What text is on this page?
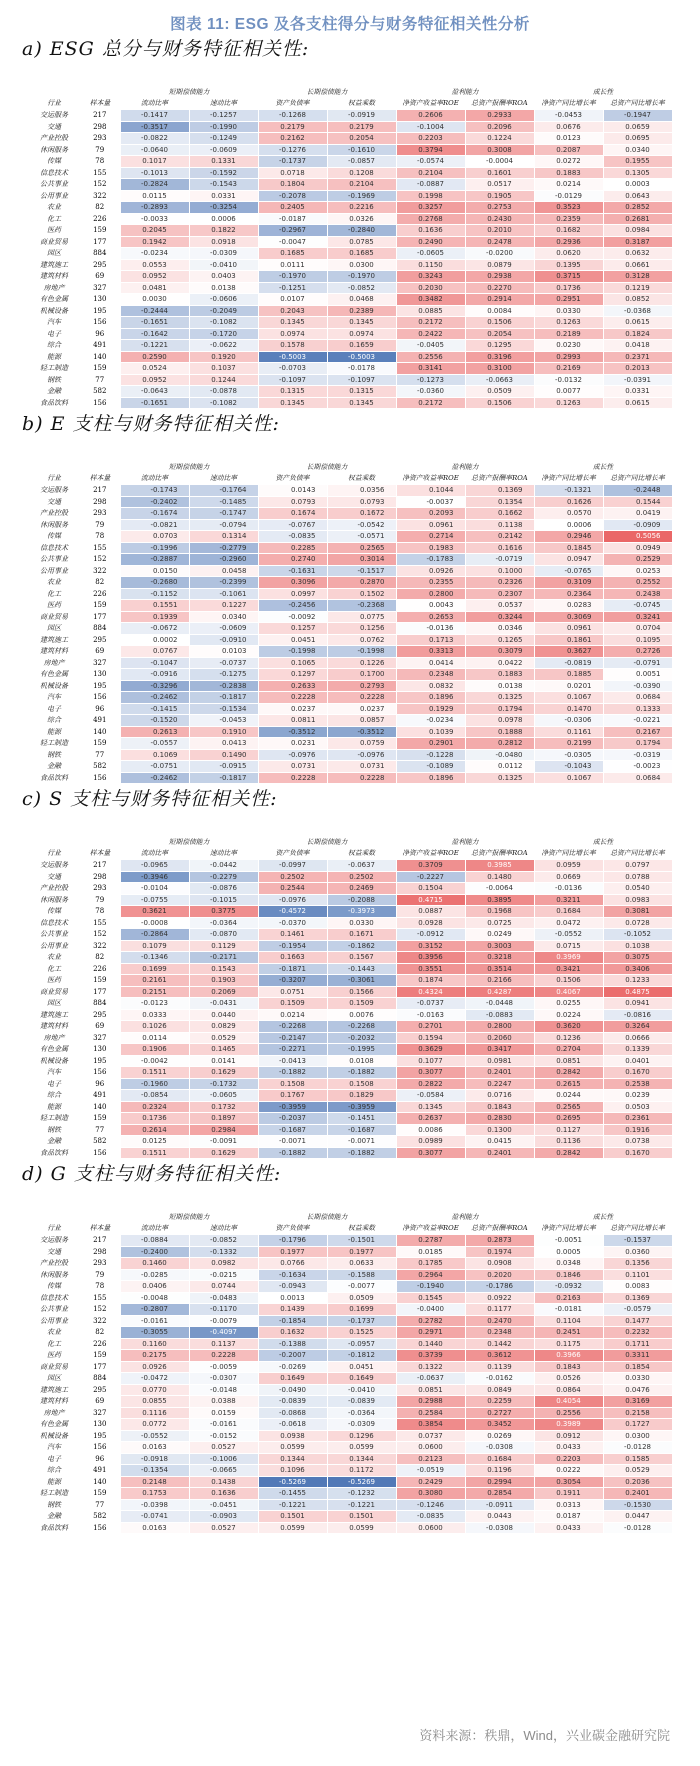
图表 11: ESG 及各支柱得分与财务特征相关性分析
a) ESG 总分与财务特征相关性:
		短期偿债能力		长期偿债能力		盈利能力		成长性	
行业	样本量	流动比率	速动比率	资产负债率	权益乘数	净资产收益率ROE	总资产报酬率ROA	净资产同比增长率	总资产同比增长率
交运服务	217	-0.1417	-0.1257	-0.1268	-0.0919	0.2606	0.2933	-0.0453	-0.1947
交通	298	-0.3517	-0.1990	0.2179	0.2179	-0.1004	0.2096	0.0676	0.0659
产业控股	293	-0.0822	-0.1249	0.2162	0.2054	0.2203	0.1224	0.0123	0.0695
休闲服务	79	-0.0640	-0.0609	-0.1276	-0.1610	0.3794	0.3008	0.2087	0.0340
传媒	78	0.1017	0.1331	-0.1737	-0.0857	-0.0574	-0.0004	0.0272	0.1955
信息技术	155	-0.1013	-0.1592	0.0718	0.1208	0.2104	0.1601	0.1883	0.1305
公共事业	152	-0.2824	-0.1543	0.1804	0.2104	-0.0887	0.0517	0.0214	0.0003
公用事业	322	0.0115	0.0331	-0.2078	-0.1969	0.1998	0.1905	-0.0129	0.0643
农业	82	-0.2893	-0.3254	0.2405	0.2216	0.3257	0.2753	0.3523	0.2852
化工	226	-0.0033	0.0006	-0.0187	0.0326	0.2768	0.2430	0.2359	0.2681
医药	159	0.2045	0.1822	-0.2967	-0.2840	0.1636	0.2010	0.1682	0.0984
商业贸易	177	0.1942	0.0918	-0.0047	0.0785	0.2490	0.2478	0.2936	0.3187
园区	884	-0.0234	-0.0309	0.1685	0.1685	-0.0605	-0.0200	0.0620	0.0632
建筑施工	295	0.0553	-0.0410	0.0111	0.0300	0.1150	0.0879	0.1395	0.0661
建筑材料	69	0.0952	0.0403	-0.1970	-0.1970	0.3243	0.2938	0.3715	0.3128
房地产	327	0.0481	0.0138	-0.1251	-0.0852	0.2030	0.2270	0.1736	0.1219
有色金属	130	0.0030	-0.0606	0.0107	0.0468	0.3482	0.2914	0.2951	0.0852
机械设备	195	-0.2444	-0.2049	0.2043	0.2389	0.0885	0.0084	0.0330	-0.0368
汽车	156	-0.1651	-0.1082	0.1345	0.1345	0.2172	0.1506	0.1263	0.0615
电子	96	-0.1642	-0.1720	0.0974	0.0974	0.2422	0.2054	0.2189	0.1824
综合	491	-0.1221	-0.0622	0.1578	0.1659	-0.0405	0.1295	0.0230	0.0418
能源	140	0.2590	0.1920	-0.5003	-0.5003	0.2556	0.3196	0.2993	0.2371
轻工制造	159	0.0524	0.1037	-0.0703	-0.0178	0.3141	0.3100	0.2169	0.2013
钢铁	77	0.0952	0.1244	-0.1097	-0.1097	-0.1273	-0.0663	-0.0132	-0.0391
金融	582	-0.0643	-0.0878	0.1315	0.1315	-0.0360	0.0509	0.0077	0.0331
食品饮料	156	-0.1651	-0.1082	0.1345	0.1345	0.2172	0.1506	0.1263	0.0615
b) E 支柱与财务特征相关性:
		短期偿债能力		长期偿债能力		盈利能力		成长性	
行业	样本量	流动比率	速动比率	资产负债率	权益乘数	净资产收益率ROE	总资产报酬率ROA	净资产同比增长率	总资产同比增长率
交运服务	217	-0.1743	-0.1764	0.0143	0.0356	0.1044	0.1369	-0.1321	-0.2448
交通	298	-0.2402	-0.1485	0.0793	0.0793	-0.0037	0.1354	0.1626	0.1544
产业控股	293	-0.1674	-0.1747	0.1674	0.1672	0.2093	0.1662	0.0570	0.0419
休闲服务	79	-0.0821	-0.0794	-0.0767	-0.0542	0.0961	0.1138	0.0006	-0.0909
传媒	78	0.0703	0.1314	-0.0835	-0.0571	0.2714	0.2142	0.2946	0.5056
信息技术	155	-0.1996	-0.2779	0.2285	0.2565	0.1983	0.1616	0.1845	0.0949
公共事业	152	-0.2887	-0.2960	0.2740	0.3014	-0.1783	-0.0719	0.0947	0.2529
公用事业	322	0.0150	0.0458	-0.1631	-0.1517	0.0926	0.1000	-0.0765	0.0253
农业	82	-0.2680	-0.2399	0.3096	0.2870	0.2355	0.2326	0.3109	0.2552
化工	226	-0.1152	-0.1061	0.0997	0.1502	0.2800	0.2307	0.2364	0.2438
医药	159	0.1551	0.1227	-0.2456	-0.2368	0.0043	0.0537	0.0283	-0.0745
商业贸易	177	0.1939	0.0340	-0.0092	0.0775	0.2653	0.3244	0.3069	0.3241
园区	884	-0.0672	-0.0609	0.1257	0.1256	-0.0136	0.0346	0.0961	0.0704
建筑施工	295	0.0002	-0.0910	0.0451	0.0762	0.1713	0.1265	0.1861	0.1095
建筑材料	69	0.0767	0.0103	-0.1998	-0.1998	0.3313	0.3079	0.3627	0.2726
房地产	327	-0.1047	-0.0737	0.1065	0.1226	0.0414	0.0422	-0.0819	-0.0791
有色金属	130	-0.0916	-0.1275	0.1297	0.1700	0.2348	0.1883	0.1885	0.0051
机械设备	195	-0.3296	-0.2838	0.2633	0.2793	0.0832	0.0138	0.0201	-0.0390
汽车	156	-0.2462	-0.1817	0.2228	0.2228	0.1896	0.1325	0.1067	0.0684
电子	96	-0.1415	-0.1534	0.0237	0.0237	0.1929	0.1794	0.1470	0.1333
综合	491	-0.1520	-0.0453	0.0811	0.0857	-0.0234	0.0978	-0.0306	-0.0221
能源	140	0.2613	0.1910	-0.3512	-0.3512	0.1039	0.1888	0.1161	0.2167
轻工制造	159	-0.0557	0.0413	0.0231	0.0759	0.2901	0.2812	0.2199	0.1794
钢铁	77	0.1069	0.1490	-0.0976	-0.0976	-0.1228	-0.0480	-0.0305	-0.0319
金融	582	-0.0751	-0.0915	0.0731	0.0731	-0.1089	0.0112	-0.1043	-0.0023
食品饮料	156	-0.2462	-0.1817	0.2228	0.2228	0.1896	0.1325	0.1067	0.0684
c) S 支柱与财务特征相关性:
		短期偿债能力		长期偿债能力		盈利能力		成长性	
行业	样本量	流动比率	速动比率	资产负债率	权益乘数	净资产收益率ROE	总资产报酬率ROA	净资产同比增长率	总资产同比增长率
交运服务	217	-0.0965	-0.0442	-0.0997	-0.0637	0.3709	0.3985	0.0959	0.0797
交通	298	-0.3946	-0.2279	0.2502	0.2502	-0.2227	0.1480	0.0669	0.0788
产业控股	293	-0.0104	-0.0876	0.2544	0.2469	0.1504	-0.0064	-0.0136	0.0540
休闲服务	79	-0.0755	-0.1015	-0.0976	-0.2088	0.4715	0.3895	0.3211	0.0983
传媒	78	0.3621	0.3775	-0.4572	-0.3973	0.0887	0.1968	0.1684	0.3081
信息技术	155	-0.0008	-0.0364	-0.0370	0.0330	0.0928	0.0725	0.0472	0.0728
公共事业	152	-0.2864	-0.0870	0.1461	0.1671	-0.0912	0.0249	-0.0552	-0.1052
公用事业	322	0.1079	0.1129	-0.1954	-0.1862	0.3152	0.3003	0.0715	0.1038
农业	82	-0.1346	-0.2171	0.1663	0.1567	0.3956	0.3218	0.3969	0.3075
化工	226	0.1699	0.1543	-0.1871	-0.1443	0.3551	0.3514	0.3421	0.3406
医药	159	0.2161	0.1903	-0.3207	-0.3061	0.1874	0.2166	0.1506	0.1233
商业贸易	177	0.2151	0.2069	0.0751	0.1566	0.4324	0.4287	0.4067	0.4875
园区	884	-0.0123	-0.0431	0.1509	0.1509	-0.0737	-0.0448	0.0255	0.0941
建筑施工	295	0.0333	0.0440	0.0214	0.0076	-0.0163	-0.0883	0.0224	-0.0816
建筑材料	69	0.1026	0.0829	-0.2268	-0.2268	0.2701	0.2800	0.3620	0.3264
房地产	327	0.0114	0.0529	-0.2147	-0.2032	0.1594	0.2060	0.1236	0.0666
有色金属	130	0.1906	0.1465	-0.2271	-0.1995	0.3629	0.3417	0.2704	0.1339
机械设备	195	-0.0042	0.0141	-0.0413	0.0108	0.1077	0.0981	0.0851	0.0401
汽车	156	0.1511	0.1629	-0.1882	-0.1882	0.3077	0.2401	0.2842	0.1670
电子	96	-0.1960	-0.1732	0.1508	0.1508	0.2822	0.2247	0.2615	0.2538
综合	491	-0.0854	-0.0605	0.1767	0.1829	-0.0584	0.0716	0.0244	0.0239
能源	140	0.2324	0.1732	-0.3959	-0.3959	0.1345	0.1843	0.2565	0.0503
轻工制造	159	0.1736	0.1897	-0.2037	-0.1451	0.2637	0.2830	0.2695	0.2361
钢铁	77	0.2614	0.2984	-0.1687	-0.1687	0.0086	0.1300	0.1127	0.1916
金融	582	0.0125	-0.0091	-0.0071	-0.0071	0.0989	0.0415	0.1136	0.0738
食品饮料	156	0.1511	0.1629	-0.1882	-0.1882	0.3077	0.2401	0.2842	0.1670
d) G 支柱与财务特征相关性:
		短期偿债能力		长期偿债能力		盈利能力		成长性	
行业	样本量	流动比率	速动比率	资产负债率	权益乘数	净资产收益率ROE	总资产报酬率ROA	净资产同比增长率	总资产同比增长率
交运服务	217	-0.0884	-0.0852	-0.1796	-0.1501	0.2787	0.2873	-0.0051	-0.1537
交通	298	-0.2400	-0.1332	0.1977	0.1977	0.0185	0.1974	0.0005	0.0360
产业控股	293	0.1460	0.0982	0.0766	0.0633	0.1785	0.0908	0.0348	0.1356
休闲服务	79	-0.0285	-0.0215	-0.1634	-0.1588	0.2964	0.2020	0.1846	0.1101
传媒	78	0.0406	0.0744	-0.0943	-0.0077	-0.1940	-0.1786	-0.0932	0.0083
信息技术	155	-0.0048	-0.0483	0.0013	0.0509	0.1545	0.0922	0.2163	0.1369
公共事业	152	-0.2807	-0.1170	0.1439	0.1699	-0.0400	0.1177	-0.0181	-0.0579
公用事业	322	-0.0161	-0.0079	-0.1854	-0.1737	0.2782	0.2470	0.1104	0.1477
农业	82	-0.3055	-0.4097	0.1632	0.1525	0.2971	0.2348	0.2451	0.2232
化工	226	0.1160	0.1137	-0.1388	-0.0957	0.1440	0.1442	0.1175	0.1711
医药	159	0.2175	0.2228	-0.2007	-0.1812	0.3739	0.3612	0.3966	0.3311
商业贸易	177	0.0926	-0.0059	-0.0269	0.0451	0.1322	0.1139	0.1843	0.1854
园区	884	-0.0472	-0.0307	0.1649	0.1649	-0.0637	-0.0162	0.0526	0.0330
建筑施工	295	0.0770	-0.0148	-0.0490	-0.0410	0.0851	0.0849	0.0864	0.0476
建筑材料	69	0.0855	0.0388	-0.0839	-0.0839	0.2988	0.2259	0.4054	0.3169
房地产	327	0.1116	0.0159	-0.0868	-0.0364	0.2584	0.2727	0.2556	0.2158
有色金属	130	0.0772	-0.0161	-0.0618	-0.0309	0.3854	0.3452	0.3989	0.1727
机械设备	195	-0.0552	-0.0152	0.0938	0.1296	0.0737	0.0269	0.0912	0.0300
汽车	156	0.0163	0.0527	0.0599	0.0599	0.0600	-0.0308	0.0433	-0.0128
电子	96	-0.0918	-0.1006	0.1344	0.1344	0.2123	0.1684	0.2203	0.1585
综合	491	-0.1354	-0.0665	0.1096	0.1172	-0.0519	0.1196	0.0222	0.0529
能源	140	0.2148	0.1438	-0.5269	-0.5269	0.2429	0.2994	0.3054	0.2036
轻工制造	159	0.1753	0.1636	-0.1455	-0.1232	0.3080	0.2854	0.1911	0.2401
钢铁	77	-0.0398	-0.0451	-0.1221	-0.1221	-0.1246	-0.0911	0.0313	-0.1530
金融	582	-0.0741	-0.0903	0.1501	0.1501	-0.0835	0.0443	0.0187	0.0447
食品饮料	156	0.0163	0.0527	0.0599	0.0599	0.0600	-0.0308	0.0433	-0.0128
资料来源：秩鼎，Wind，兴业碳金融研究院
